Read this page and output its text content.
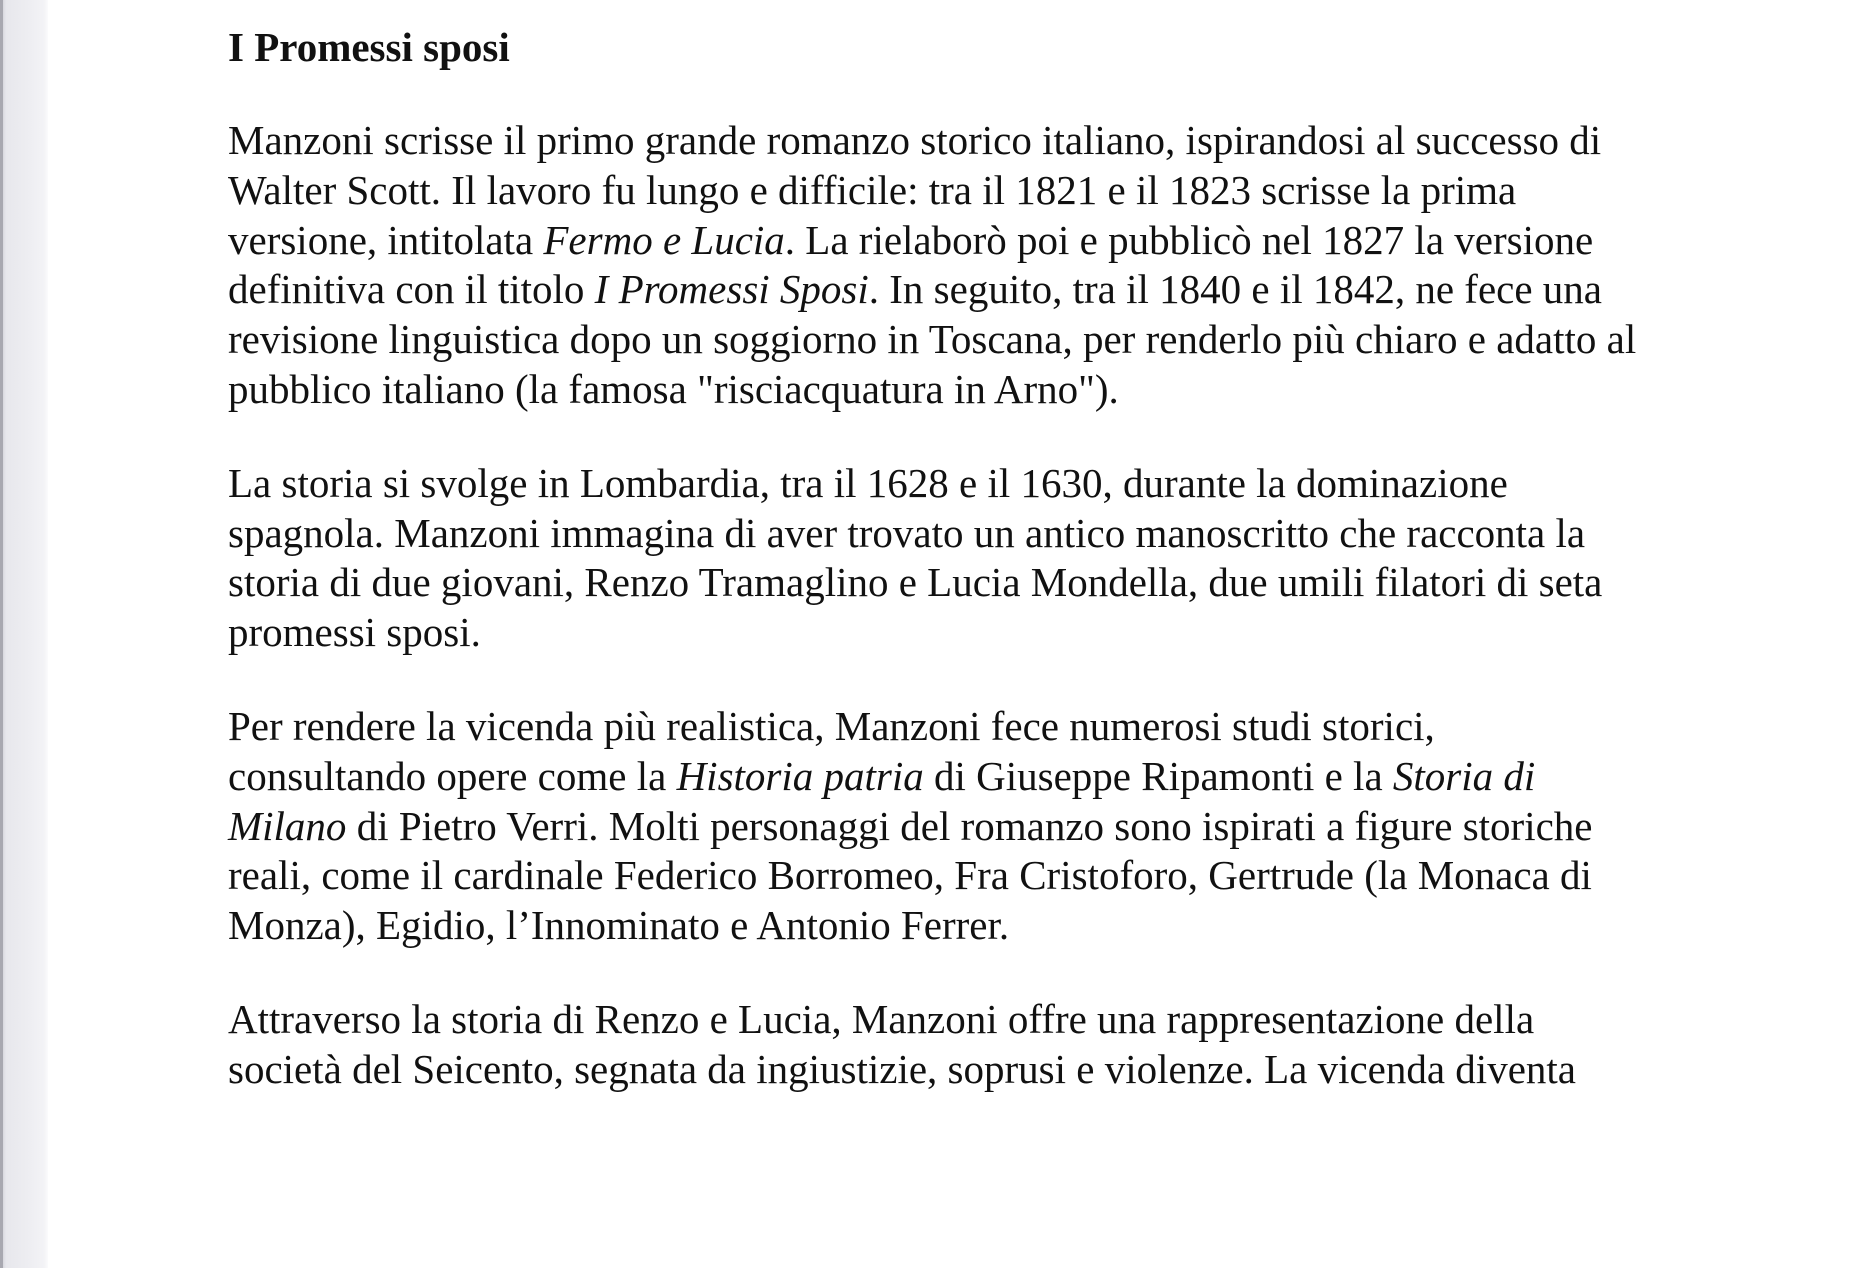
I Promessi sposi
Manzoni scrisse il primo grande romanzo storico italiano, ispirandosi al successo di
Walter Scott. Il lavoro fu lungo e difficile: tra il 1821 e il 1823 scrisse la prima
versione, intitolata Fermo e Lucia. La rielaborò poi e pubblicò nel 1827 la versione
definitiva con il titolo I Promessi Sposi. In seguito, tra il 1840 e il 1842, ne fece una
revisione linguistica dopo un soggiorno in Toscana, per renderlo più chiaro e adatto al
pubblico italiano (la famosa "risciacquatura in Arno").
La storia si svolge in Lombardia, tra il 1628 e il 1630, durante la dominazione
spagnola. Manzoni immagina di aver trovato un antico manoscritto che racconta la
storia di due giovani, Renzo Tramaglino e Lucia Mondella, due umili filatori di seta
promessi sposi.
Per rendere la vicenda più realistica, Manzoni fece numerosi studi storici,
consultando opere come la Historia patria di Giuseppe Ripamonti e la Storia di
Milano di Pietro Verri. Molti personaggi del romanzo sono ispirati a figure storiche
reali, come il cardinale Federico Borromeo, Fra Cristoforo, Gertrude (la Monaca di
Monza), Egidio, l’Innominato e Antonio Ferrer.
Attraverso la storia di Renzo e Lucia, Manzoni offre una rappresentazione della
società del Seicento, segnata da ingiustizie, soprusi e violenze. La vicenda diventa
